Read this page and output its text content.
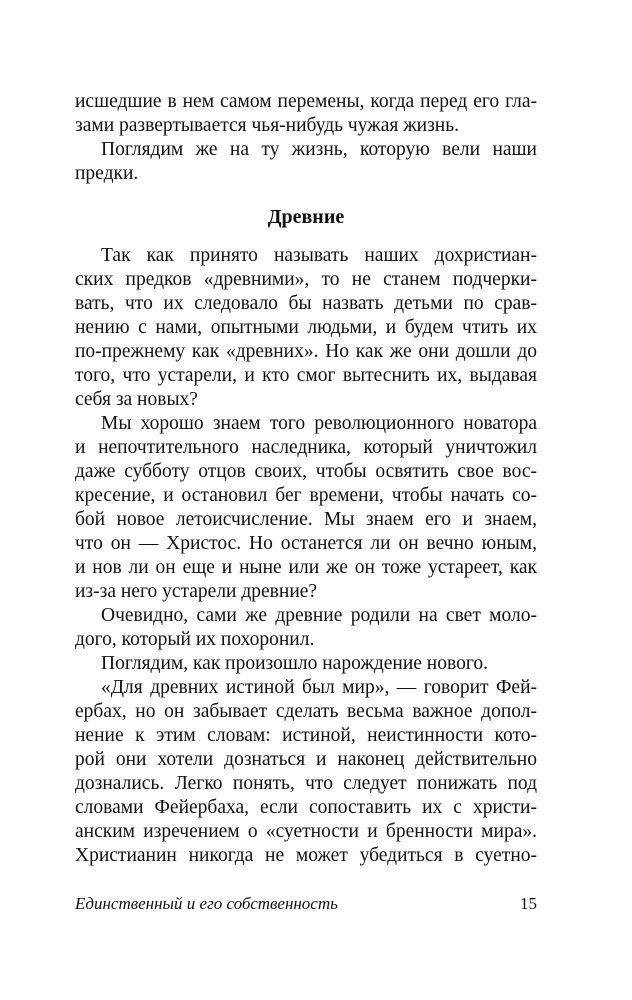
исшедшие в нем самом перемены, когда перед его гла-
зами развертывается чья-нибудь чужая жизнь.
Поглядим же на ту жизнь, которую вели наши
предки.
Древние
Так как принято называть наших дохристиан-
ских предков «древними», то не станем подчерки-
вать, что их следовало бы назвать детьми по срав-
нению с нами, опытными людьми, и будем чтить их
по-прежнему как «древних». Но как же они дошли до
того, что устарели, и кто смог вытеснить их, выдавая
себя за новых?
Мы хорошо знаем того революционного новатора
и непочтительного наследника, который уничтожил
даже субботу отцов своих, чтобы освятить свое вос-
кресение, и остановил бег времени, чтобы начать со-
бой новое летоисчисление. Мы знаем его и знаем,
что он — Христос. Но останется ли он вечно юным,
и нов ли он еще и ныне или же он тоже устареет, как
из-за него устарели древние?
Очевидно, сами же древние родили на свет моло-
дого, который их похоронил.
Поглядим, как произошло нарождение нового.
«Для древних истиной был мир», — говорит Фей-
ербах, но он забывает сделать весьма важное допол-
нение к этим словам: истиной, неистинности кото-
рой они хотели дознаться и наконец действительно
дознались. Легко понять, что следует понижать под
словами Фейербаха, если сопоставить их с христи-
анским изречением о «суетности и бренности мира».
Христианин никогда не может убедиться в суетно-
Единственный и его собственность	15
